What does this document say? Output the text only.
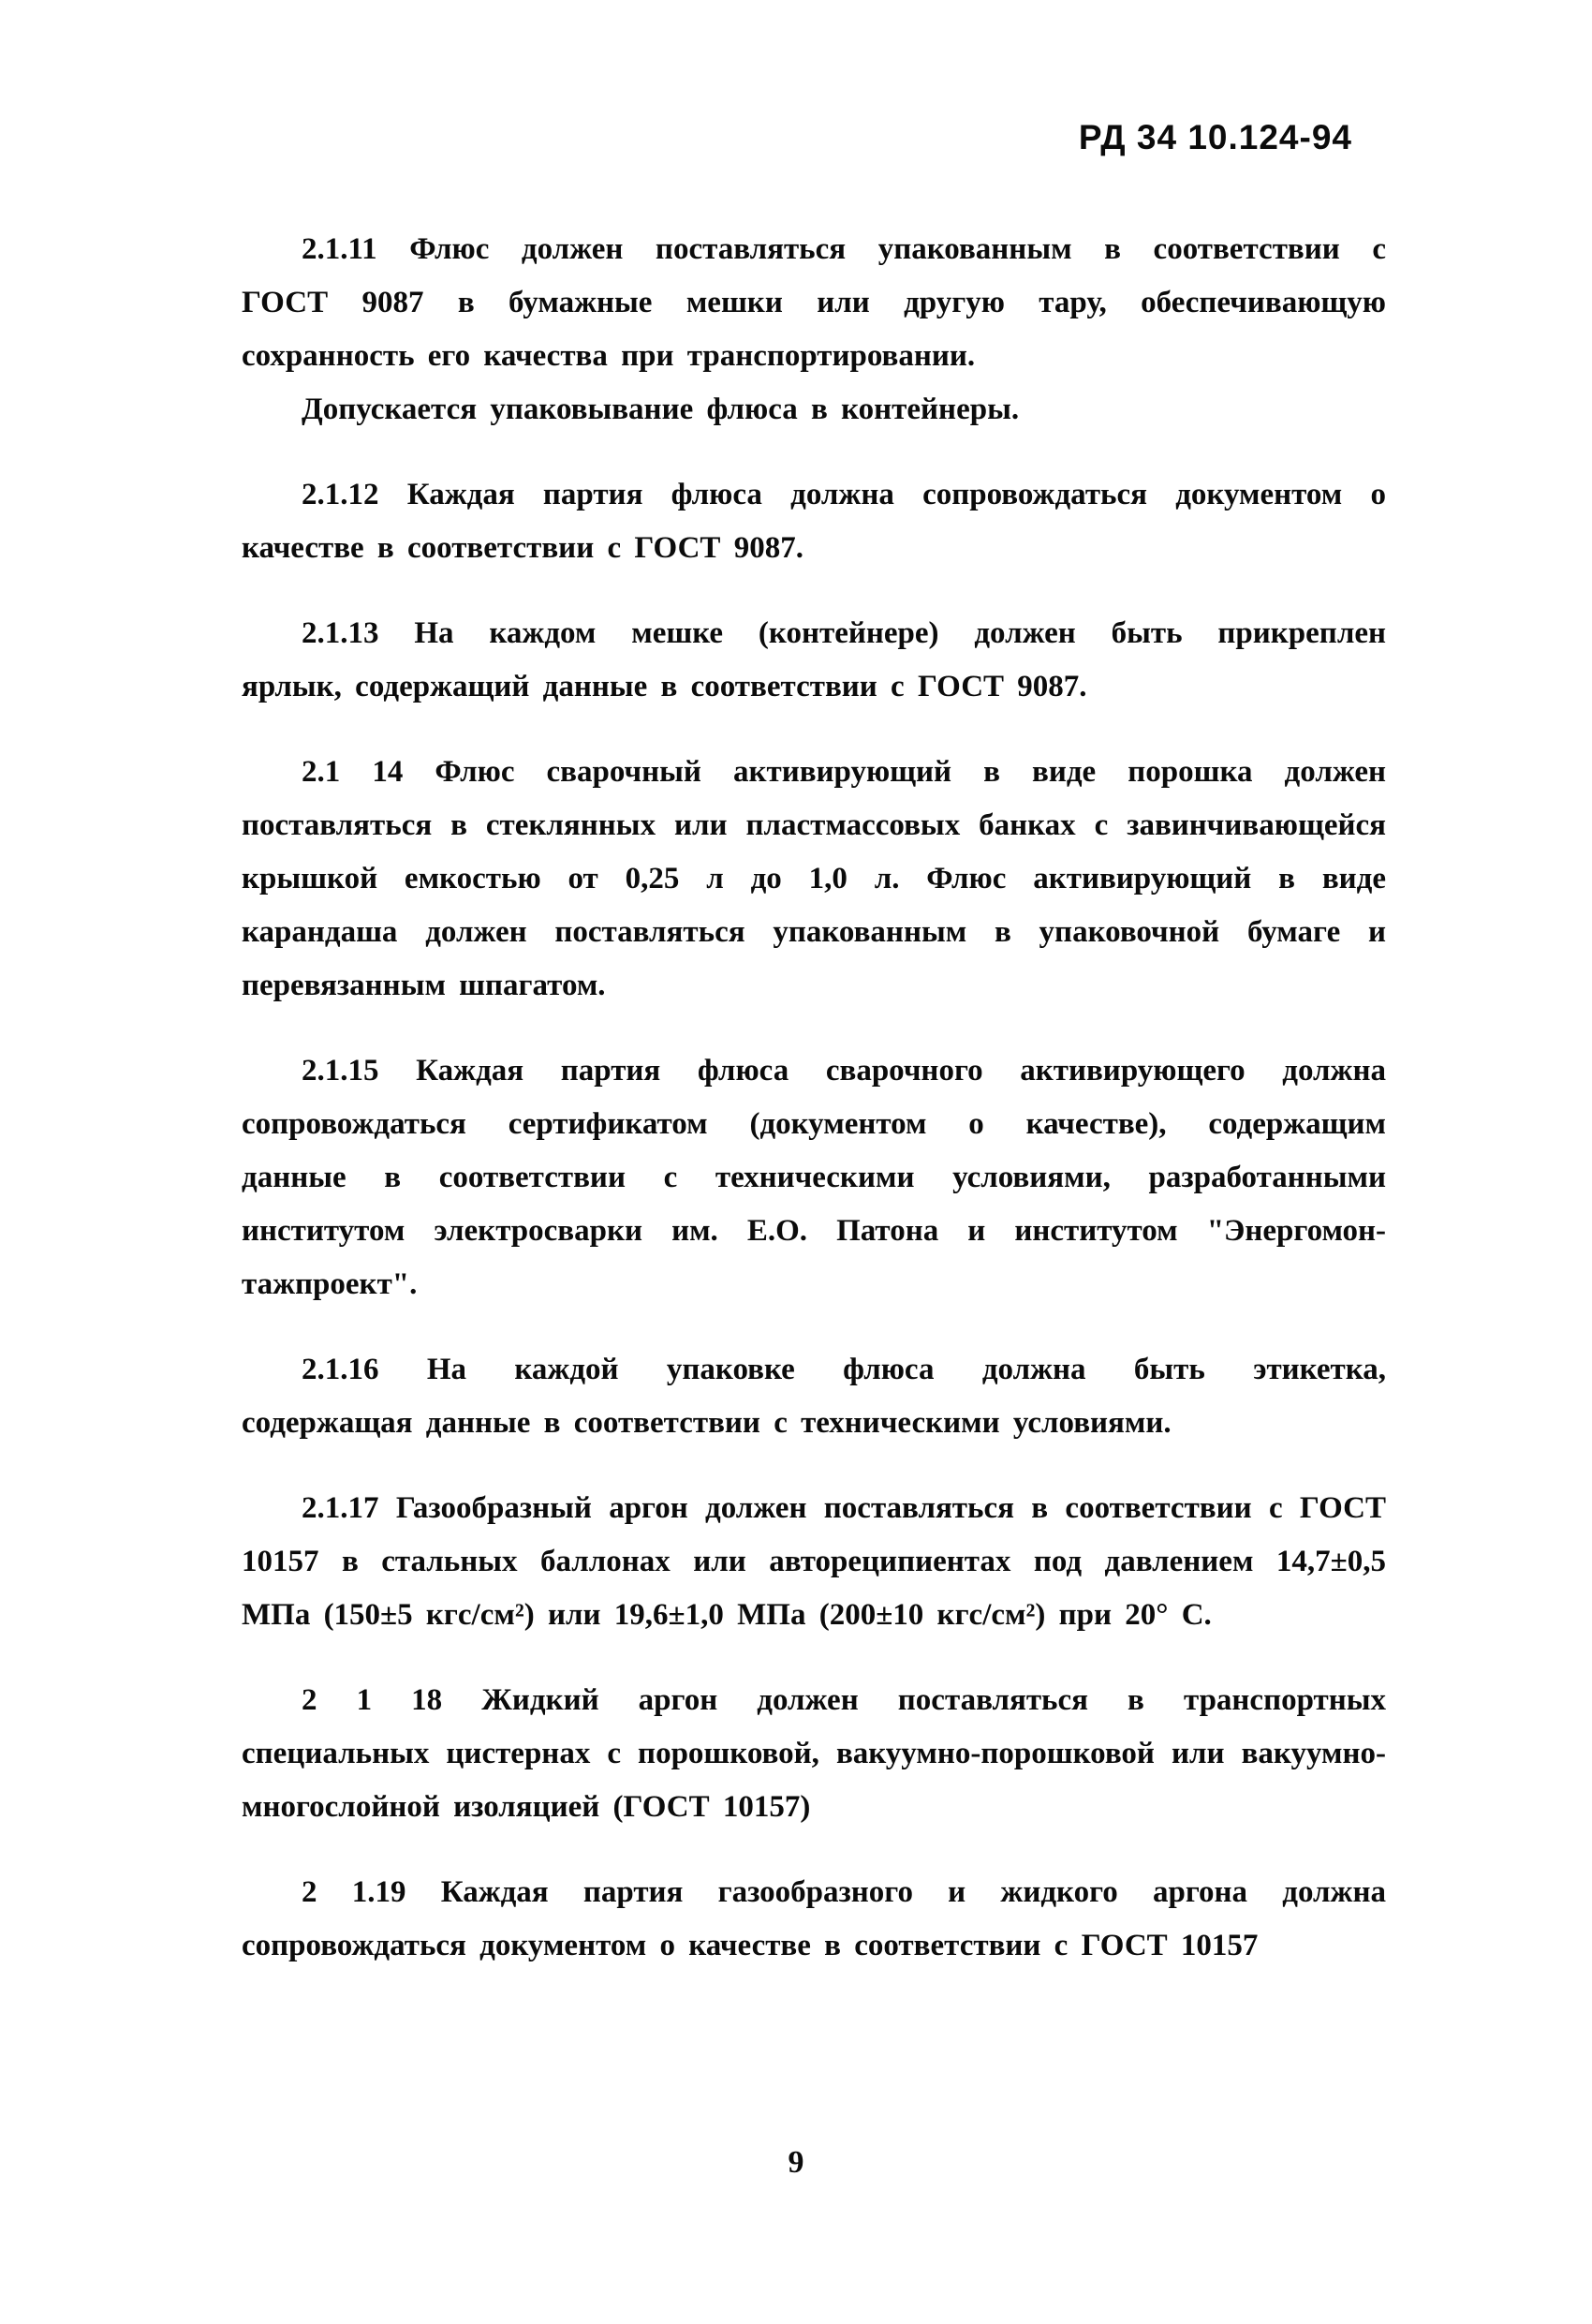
РД 34 10.124-94
2.1.11 Флюс должен поставляться упакованным в соответствии с
ГОСТ 9087 в бумажные мешки или другую тару, обеспечивающую
сохранность его качества при транспортировании.
Допускается упаковывание флюса в контейнеры.
2.1.12 Каждая партия флюса должна сопровождаться документом о
качестве в соответствии с ГОСТ 9087.
2.1.13 На каждом мешке (контейнере) должен быть прикреплен
ярлык, содержащий данные в соответствии с ГОСТ 9087.
2.1 14 Флюс сварочный активирующий в виде порошка должен
поставляться в стеклянных или пластмассовых банках с завинчивающейся
крышкой емкостью от 0,25 л до 1,0 л. Флюс активирующий в виде
карандаша должен поставляться упакованным в упаковочной бумаге и
перевязанным шпагатом.
2.1.15 Каждая партия флюса сварочного активирующего должна
сопровождаться сертификатом (документом о качестве), содержащим
данные в соответствии с техническими условиями, разработанными
институтом электросварки им. Е.О. Патона и институтом "Энергомон-
тажпроект".
2.1.16 На каждой упаковке флюса должна быть этикетка,
содержащая данные в соответствии с техническими условиями.
2.1.17 Газообразный аргон должен поставляться в соответствии с ГОСТ
10157 в стальных баллонах или автореципиентах под давлением 14,7±0,5
МПа (150±5 кгс/см²) или 19,6±1,0 МПа (200±10 кгс/см²) при 20° С.
2 1 18 Жидкий аргон должен поставляться в транспортных
специальных цистернах с порошковой, вакуумно-порошковой или вакуумно-
многослойной изоляцией (ГОСТ 10157)
2 1.19 Каждая партия газообразного и жидкого аргона должна
сопровождаться документом о качестве в соответствии с ГОСТ 10157
9
